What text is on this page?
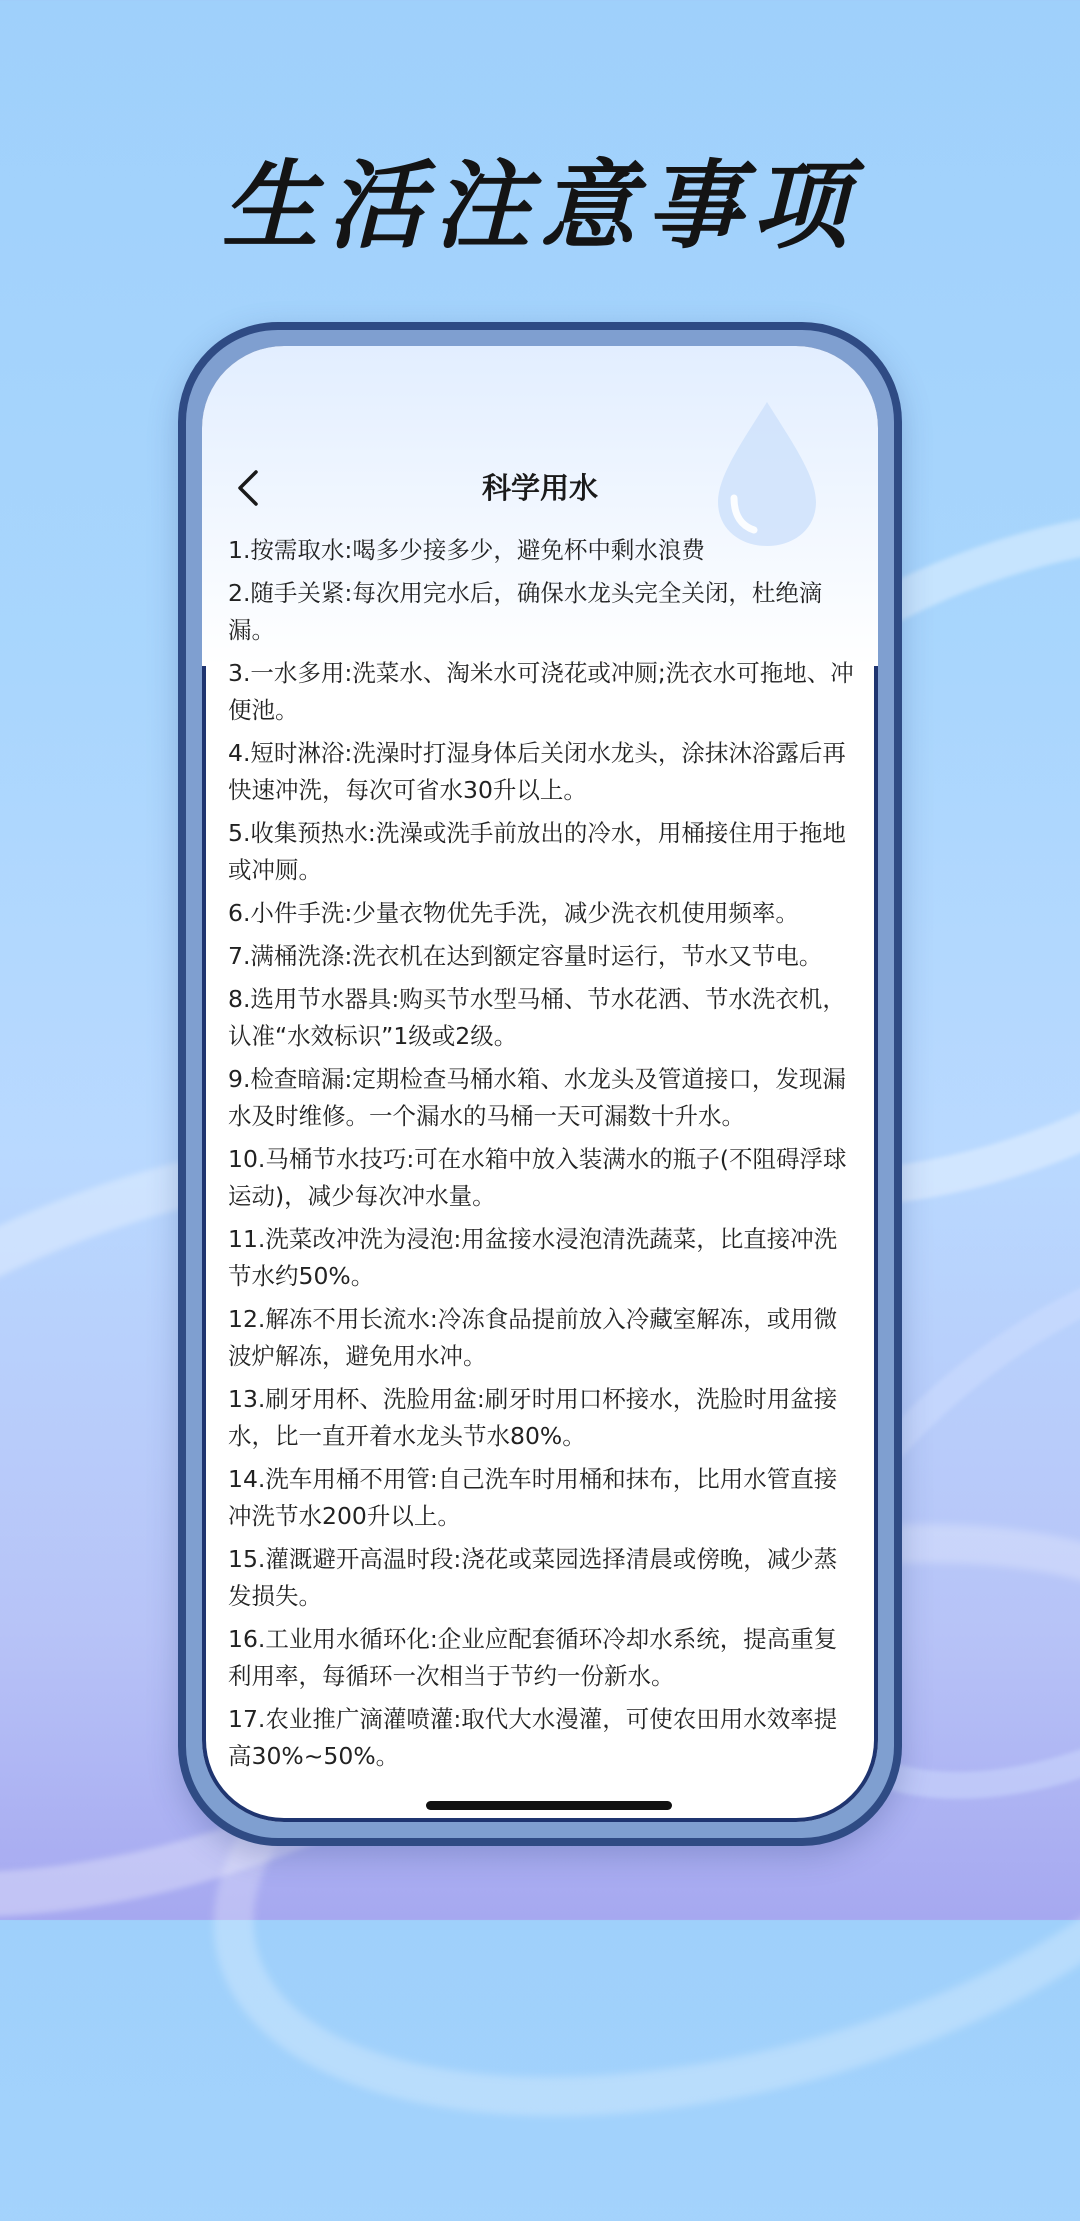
生活注意事项
科学用水

1.按需取水:喝多少接多少，避免杯中剩水浪费

2.随手关紧:每次用完水后，确保水龙头完全关闭，杜绝滴漏。

3.一水多用:洗菜水、淘米水可浇花或冲厕;洗衣水可拖地、冲便池。

4.短时淋浴:洗澡时打湿身体后关闭水龙头，涂抹沐浴露后再快速冲洗，每次可省水30升以上。

5.收集预热水:洗澡或洗手前放出的冷水，用桶接住用于拖地或冲厕。

6.小件手洗:少量衣物优先手洗，减少洗衣机使用频率。

7.满桶洗涤:洗衣机在达到额定容量时运行，节水又节电。

8.选用节水器具:购买节水型马桶、节水花洒、节水洗衣机，认准“水效标识”1级或2级。

9.检查暗漏:定期检查马桶水箱、水龙头及管道接口，发现漏水及时维修。一个漏水的马桶一天可漏数十升水。

10.马桶节水技巧:可在水箱中放入装满水的瓶子(不阻碍浮球运动)，减少每次冲水量。

11.洗菜改冲洗为浸泡:用盆接水浸泡清洗蔬菜，比直接冲洗节水约50%。

12.解冻不用长流水:冷冻食品提前放入冷藏室解冻，或用微波炉解冻，避免用水冲。

13.刷牙用杯、洗脸用盆:刷牙时用口杯接水，洗脸时用盆接水，比一直开着水龙头节水80%。

14.洗车用桶不用管:自己洗车时用桶和抹布，比用水管直接冲洗节水200升以上。

15.灌溉避开高温时段:浇花或菜园选择清晨或傍晚，减少蒸发损失。

16.工业用水循环化:企业应配套循环冷却水系统，提高重复利用率，每循环一次相当于节约一份新水。

17.农业推广滴灌喷灌:取代大水漫灌，可使农田用水效率提高30%~50%。
